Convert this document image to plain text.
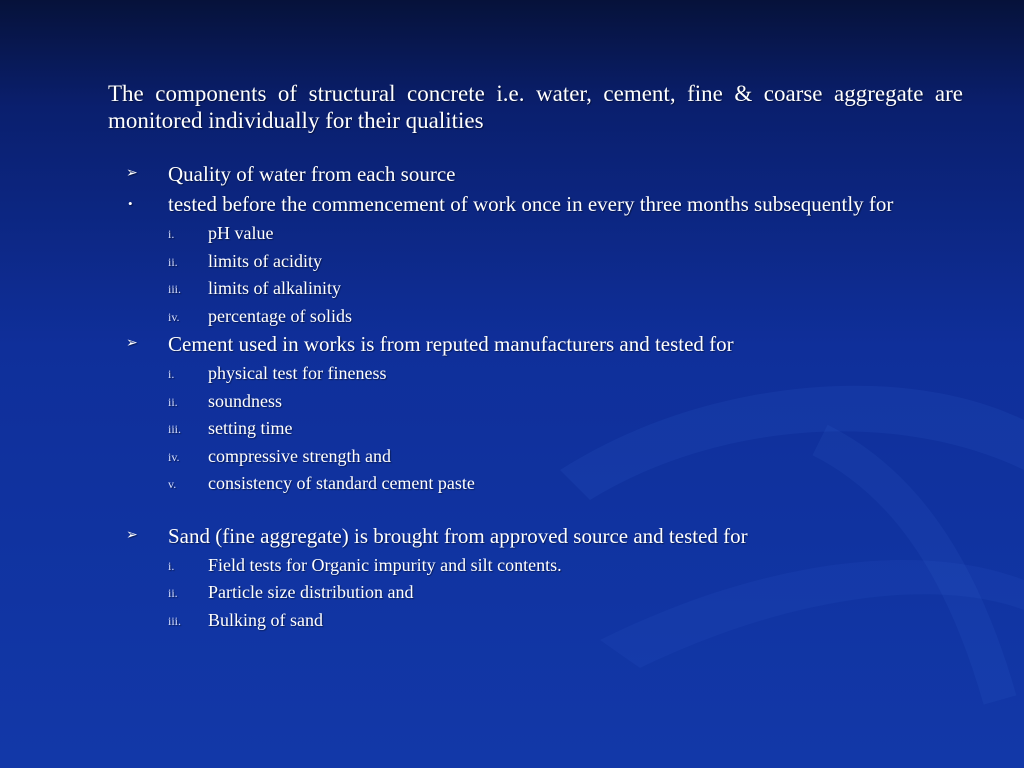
The components of structural concrete i.e. water, cement, fine & coarse aggregate are monitored individually for their qualities

➢	Quality of water from each source
•	tested before the commencement of work once in every three months subsequently for
i.	pH value
ii.	limits of acidity
iii.	limits of alkalinity
iv.	percentage of solids
➢	Cement used in works is from reputed manufacturers and tested for
i.	physical test for fineness
ii.	soundness
iii.	setting time
iv.	compressive strength and
v.	consistency of standard cement paste
➢	Sand (fine aggregate) is brought from approved source and tested for
i.	Field tests for Organic impurity and silt contents.
ii.	Particle size distribution and
iii.	Bulking of sand
